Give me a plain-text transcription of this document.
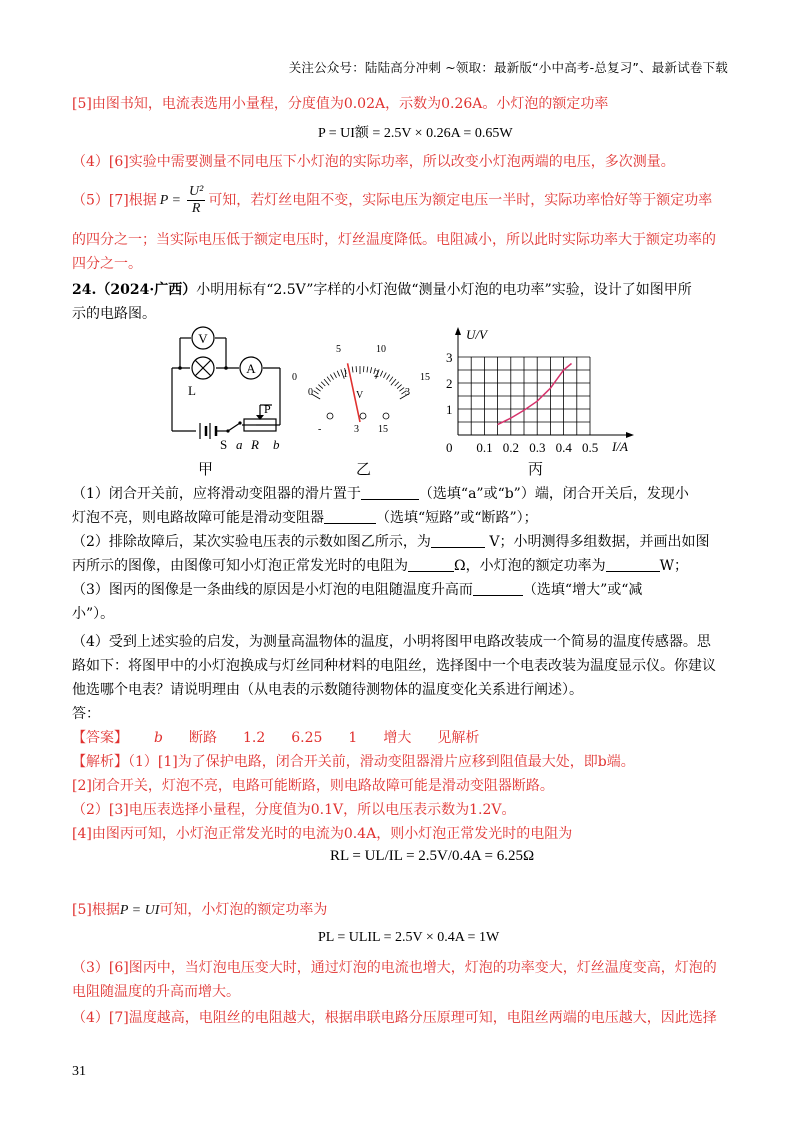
关注公众号：陆陆高分冲刺 ~领取：最新版“小中高考-总复习”、最新试卷下载
[5]由图书知，电流表选用小量程，分度值为0.02A，示数为0.26A。小灯泡的额定功率
P = UI额 = 2.5V × 0.26A = 0.65W
（4）[6]实验中需要测量不同电压下小灯泡的实际功率，所以改变小灯泡两端的电压，多次测量。
（5）[7]根据 $P = \frac{\text{U²}}{R}$ 可知，若灯丝电阻不变，实际电压为额定电压一半时，实际功率恰好等于额定功率
的四分之一；当实际电压低于额定电压时，灯丝温度降低。电阻减小，所以此时实际功率大于额定功率的
四分之一。
24.（2024·广西）小明用标有“2.5V”字样的小灯泡做“测量小灯泡的电功率”实验，设计了如图甲所
示的电路图。
V
A
L
S
P
a R b
甲
0
5	10
15
0
1	2
3
V
-	3 15
乙
0 0.1 0.2 0.3 0.4 0.5
1
2
3
U/V
I/A
丙
（1）闭合开关前，应将滑动变阻器的滑片置于	（选填“a”或“b”）端，闭合开关后，发现小
灯泡不亮，则电路故障可能是滑动变阻器	（选填“短路”或“断路”）；
（2）排除故障后，某次实验电压表的示数如图乙所示，为	V；小明测得多组数据，并画出如图
丙所示的图像，由图像可知小灯泡正常发光时的电阻为	Ω，小灯泡的额定功率为	W；
（3）图丙的图像是一条曲线的原因是小灯泡的电阻随温度升高而	（选填“增大”或“减
小”）。
（4）受到上述实验的启发，为测量高温物体的温度，小明将图甲电路改装成一个简易的温度传感器。思
路如下：将图甲中的小灯泡换成与灯丝同种材料的电阻丝，选择图中一个电表改装为温度显示仪。你建议
他选哪个电表？请说明理由（从电表的示数随待测物体的温度变化关系进行阐述）。
答：
【答案】 b 断路 1.2 6.25 1 增大 见解析
【解析】（1）[1]为了保护电路，闭合开关前，滑动变阻器滑片应移到阻值最大处，即b端。
[2]闭合开关，灯泡不亮，电路可能断路，则电路故障可能是滑动变阻器断路。
（2）[3]电压表选择小量程，分度值为0.1V，所以电压表示数为1.2V。
[4]由图丙可知，小灯泡正常发光时的电流为0.4A，则小灯泡正常发光时的电阻为
RL = UL/IL = 2.5V/0.4A = 6.25Ω
[5]根据P = UI可知，小灯泡的额定功率为
PL = ULIL = 2.5V × 0.4A = 1W
（3）[6]图丙中，当灯泡电压变大时，通过灯泡的电流也增大，灯泡的功率变大，灯丝温度变高，灯泡的
电阻随温度的升高而增大。
（4）[7]温度越高，电阻丝的电阻越大，根据串联电路分压原理可知，电阻丝两端的电压越大，因此选择
31
